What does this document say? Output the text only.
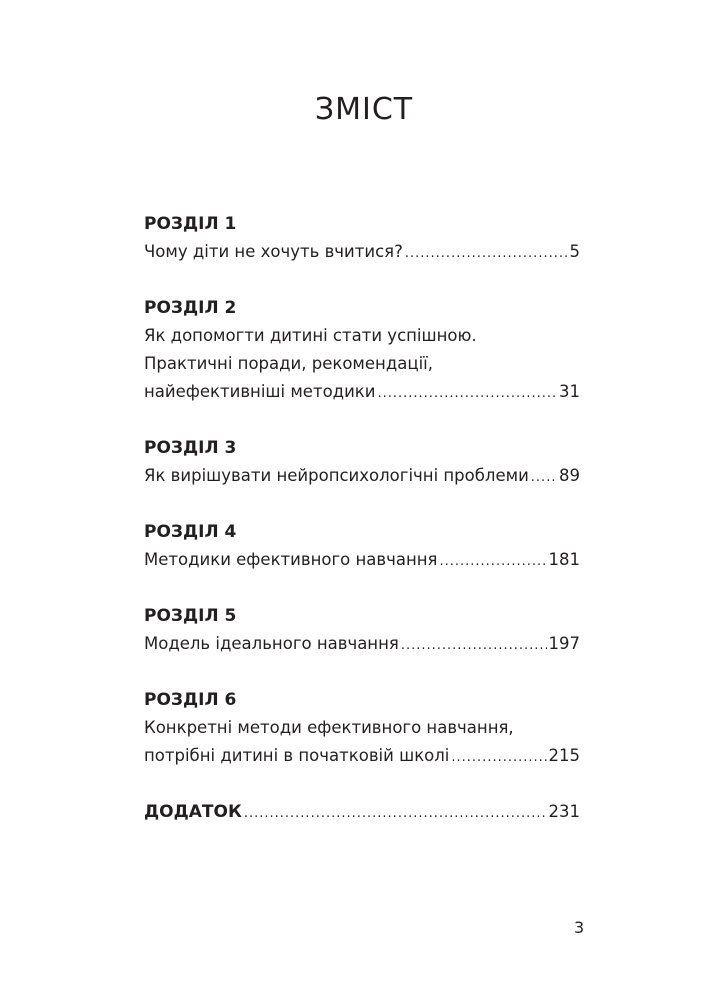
ЗМІСТ
РОЗДІЛ 1
Чому діти не хочуть вчитися? .....	5
РОЗДІЛ 2
Як допомогти дитині стати успішною.
Практичні поради, рекомендації,
найефективніші методики .....	31
РОЗДІЛ 3
Як вирішувати нейропсихологічні проблеми ..... 89
РОЗДІЛ 4
Методики ефективного навчання .....	181
РОЗДІЛ 5
Модель ідеального навчання .....	197
РОЗДІЛ 6
Конкретні методи ефективного навчання,
потрібні дитині в початковій школі .....	215
ДОДАТОК .....	231
3
